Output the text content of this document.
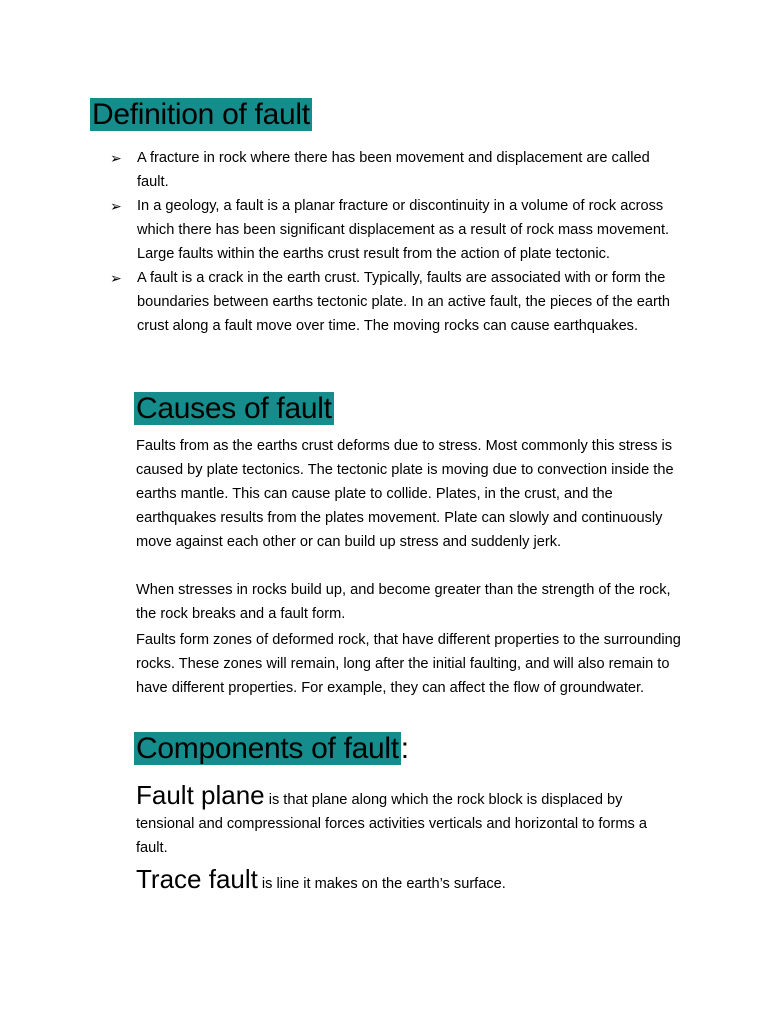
Definition of fault
➢ A fracture in rock where there has been movement and displacement are called fault.
➢ In a geology, a fault is a planar fracture or discontinuity in a volume of rock across which there has been significant displacement as a result of rock mass movement. Large faults within the earths crust result from the action of plate tectonic.
➢ A fault is a crack in the earth crust. Typically, faults are associated with or form the boundaries between earths tectonic plate. In an active fault, the pieces of the earth crust along a fault move over time. The moving rocks can cause earthquakes.
Causes of fault

Faults from as the earths crust deforms due to stress. Most commonly this stress is caused by plate tectonics. The tectonic plate is moving due to convection inside the earths mantle. This can cause plate to collide. Plates, in the crust, and the earthquakes results from the plates movement. Plate can slowly and continuously move against each other or can build up stress and suddenly jerk.

When stresses in rocks build up, and become greater than the strength of the rock, the rock breaks and a fault form.

Faults form zones of deformed rock, that have different properties to the surrounding rocks. These zones will remain, long after the initial faulting, and will also remain to have different properties. For example, they can affect the flow of groundwater.

Components of fault:

Fault plane is that plane along which the rock block is displaced by tensional and compressional forces activities verticals and horizontal to forms a fault.

Trace fault is line it makes on the earth’s surface.
